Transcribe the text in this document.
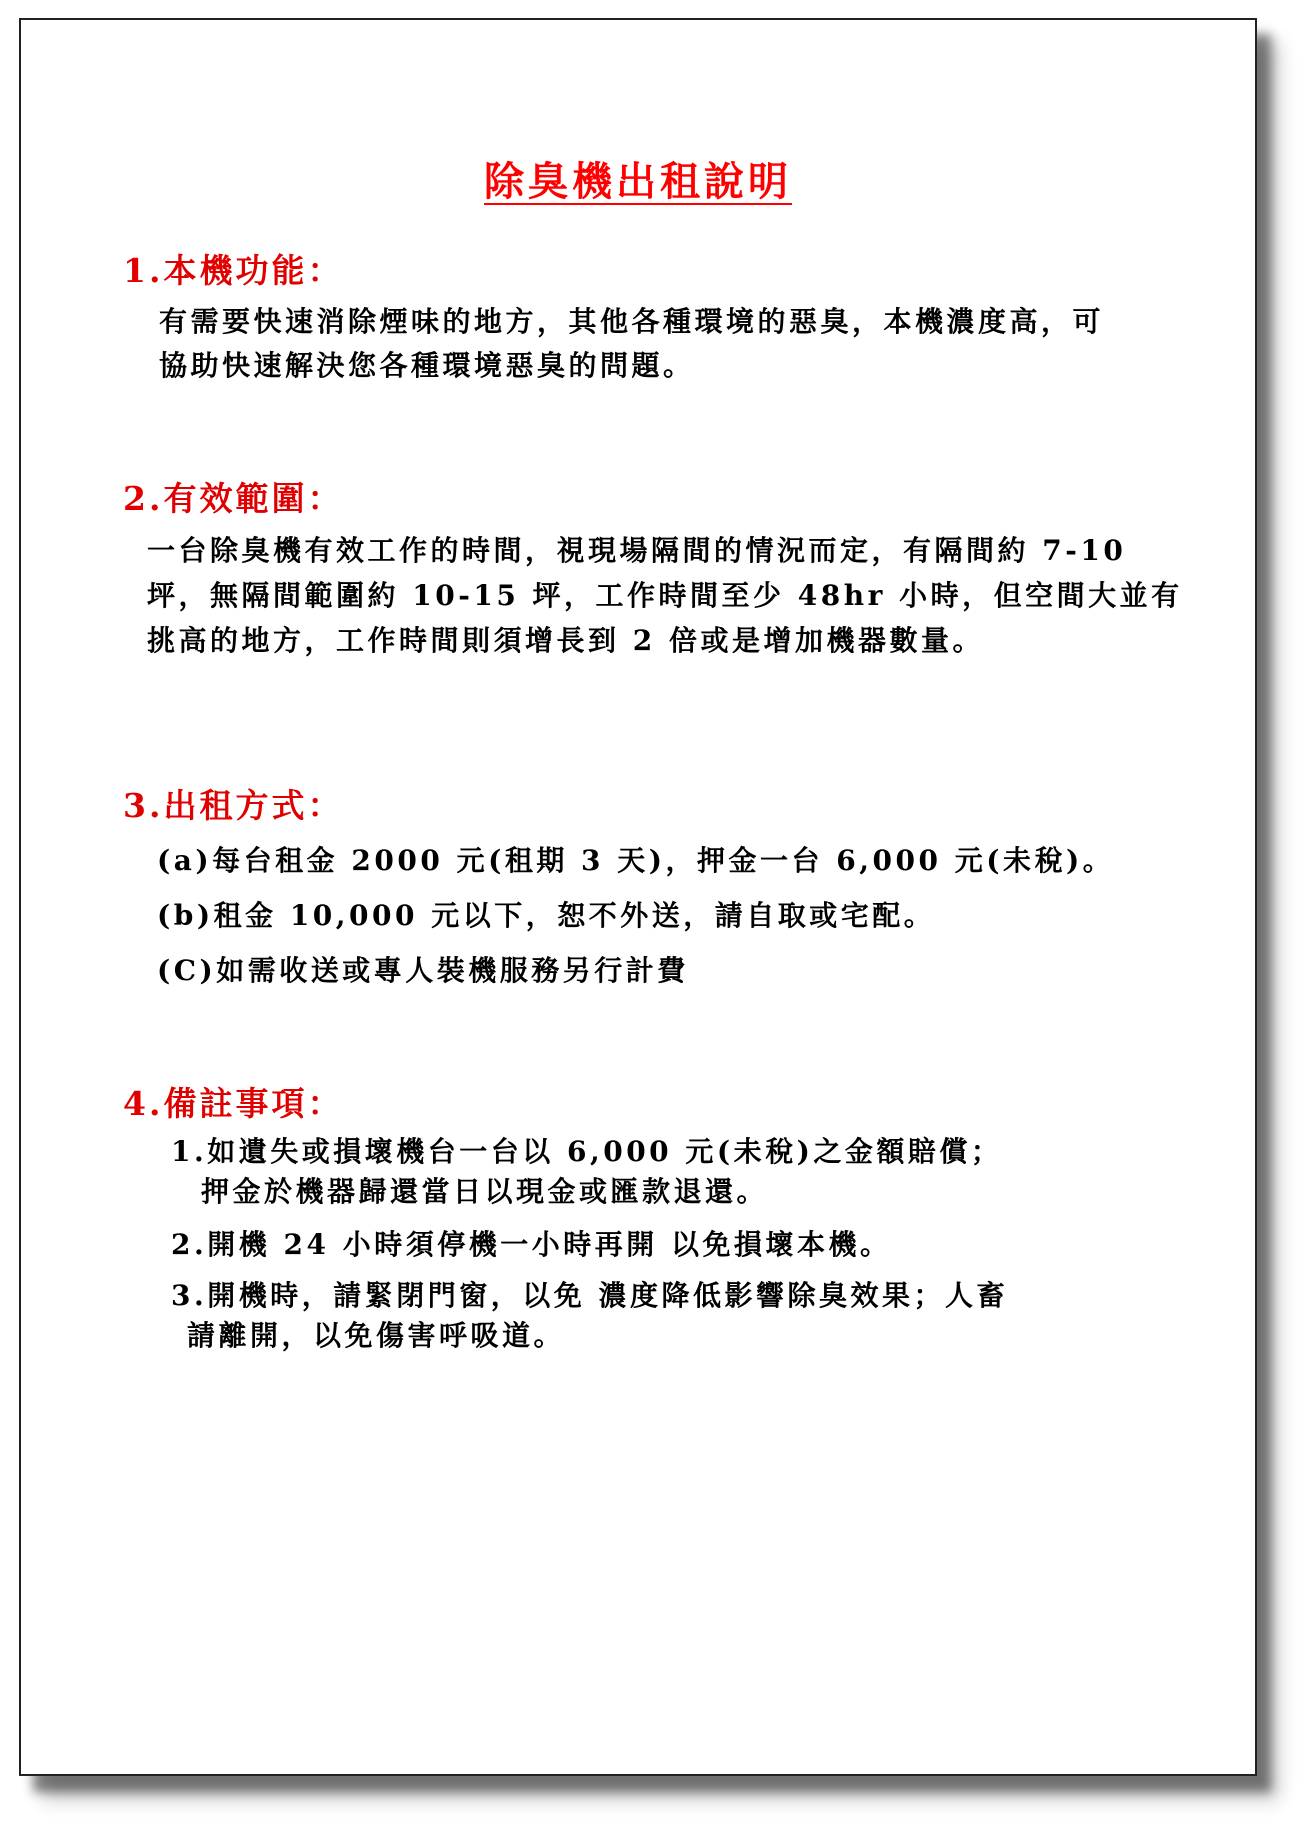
除臭機出租說明
1.本機功能：
有需要快速消除煙味的地方，其他各種環境的惡臭，本機濃度高，可
協助快速解決您各種環境惡臭的問題。
2.有效範圍：
一台除臭機有效工作的時間，視現場隔間的情況而定，有隔間約 7-10
坪，無隔間範圍約 10-15 坪，工作時間至少 48hr 小時，但空間大並有
挑高的地方，工作時間則須增長到 2 倍或是增加機器數量。
3.出租方式：
(a)每台租金 2000 元(租期 3 天)，押金一台 6,000 元(未稅)。
(b)租金 10,000 元以下，恕不外送，請自取或宅配。
(C)如需收送或專人裝機服務另行計費
4.備註事項：
1.如遺失或損壞機台一台以 6,000 元(未稅)之金額賠償；
押金於機器歸還當日以現金或匯款退還。
2.開機 24 小時須停機一小時再開 以免損壞本機。
3.開機時，請緊閉門窗，以免 濃度降低影響除臭效果；人畜
請離開，以免傷害呼吸道。
